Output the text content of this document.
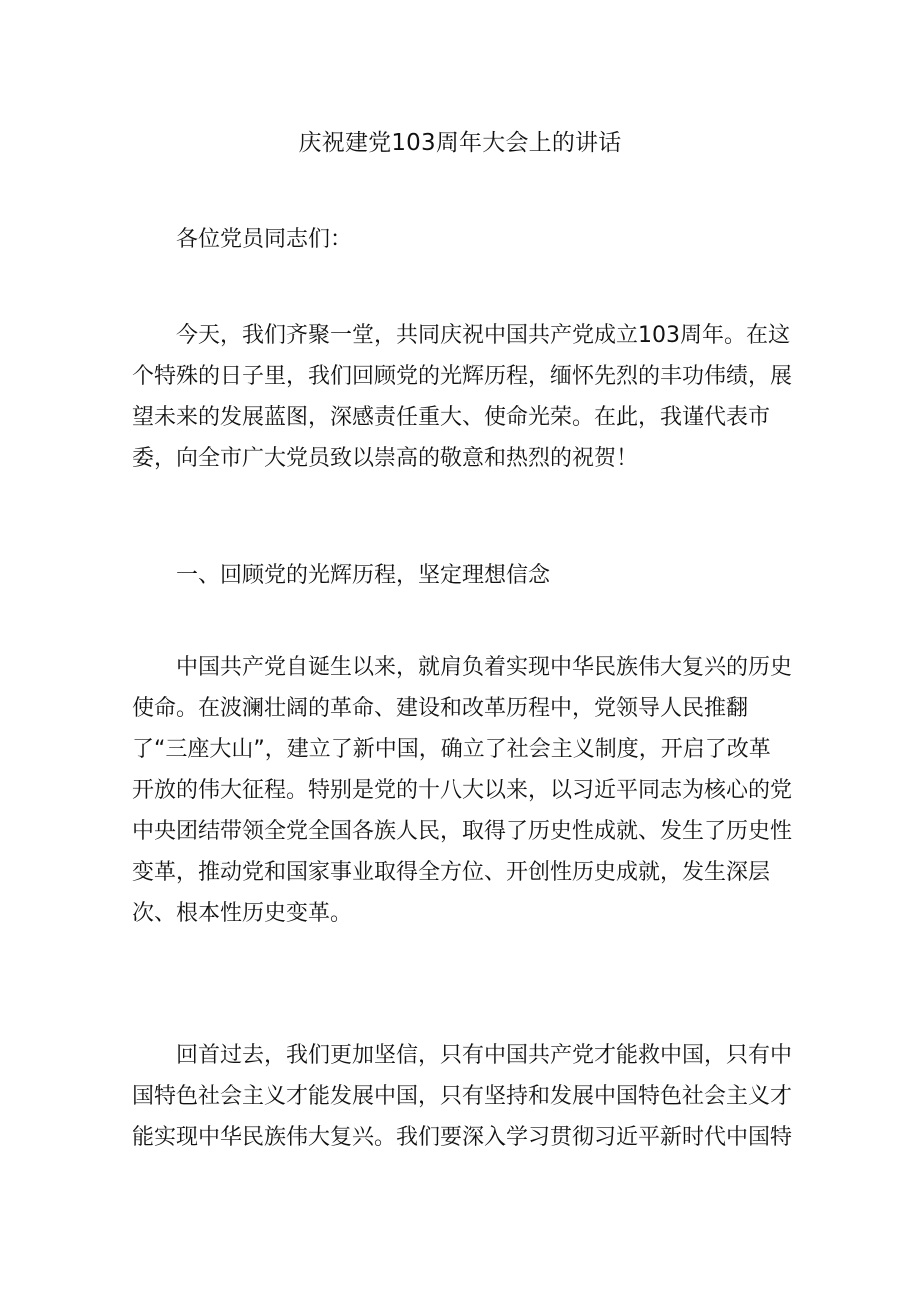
庆祝建党103周年大会上的讲话

各位党员同志们：

今天，我们齐聚一堂，共同庆祝中国共产党成立103周年。在这个特殊的日子里，我们回顾党的光辉历程，缅怀先烈的丰功伟绩，展望未来的发展蓝图，深感责任重大、使命光荣。在此，我谨代表市委，向全市广大党员致以崇高的敬意和热烈的祝贺！

一、回顾党的光辉历程，坚定理想信念

中国共产党自诞生以来，就肩负着实现中华民族伟大复兴的历史使命。在波澜壮阔的革命、建设和改革历程中，党领导人民推翻了“三座大山”，建立了新中国，确立了社会主义制度，开启了改革开放的伟大征程。特别是党的十八大以来，以习近平同志为核心的党中央团结带领全党全国各族人民，取得了历史性成就、发生了历史性变革，推动党和国家事业取得全方位、开创性历史成就，发生深层次、根本性历史变革。

回首过去，我们更加坚信，只有中国共产党才能救中国，只有中国特色社会主义才能发展中国，只有坚持和发展中国特色社会主义才能实现中华民族伟大复兴。我们要深入学习贯彻习近平新时代中国特
